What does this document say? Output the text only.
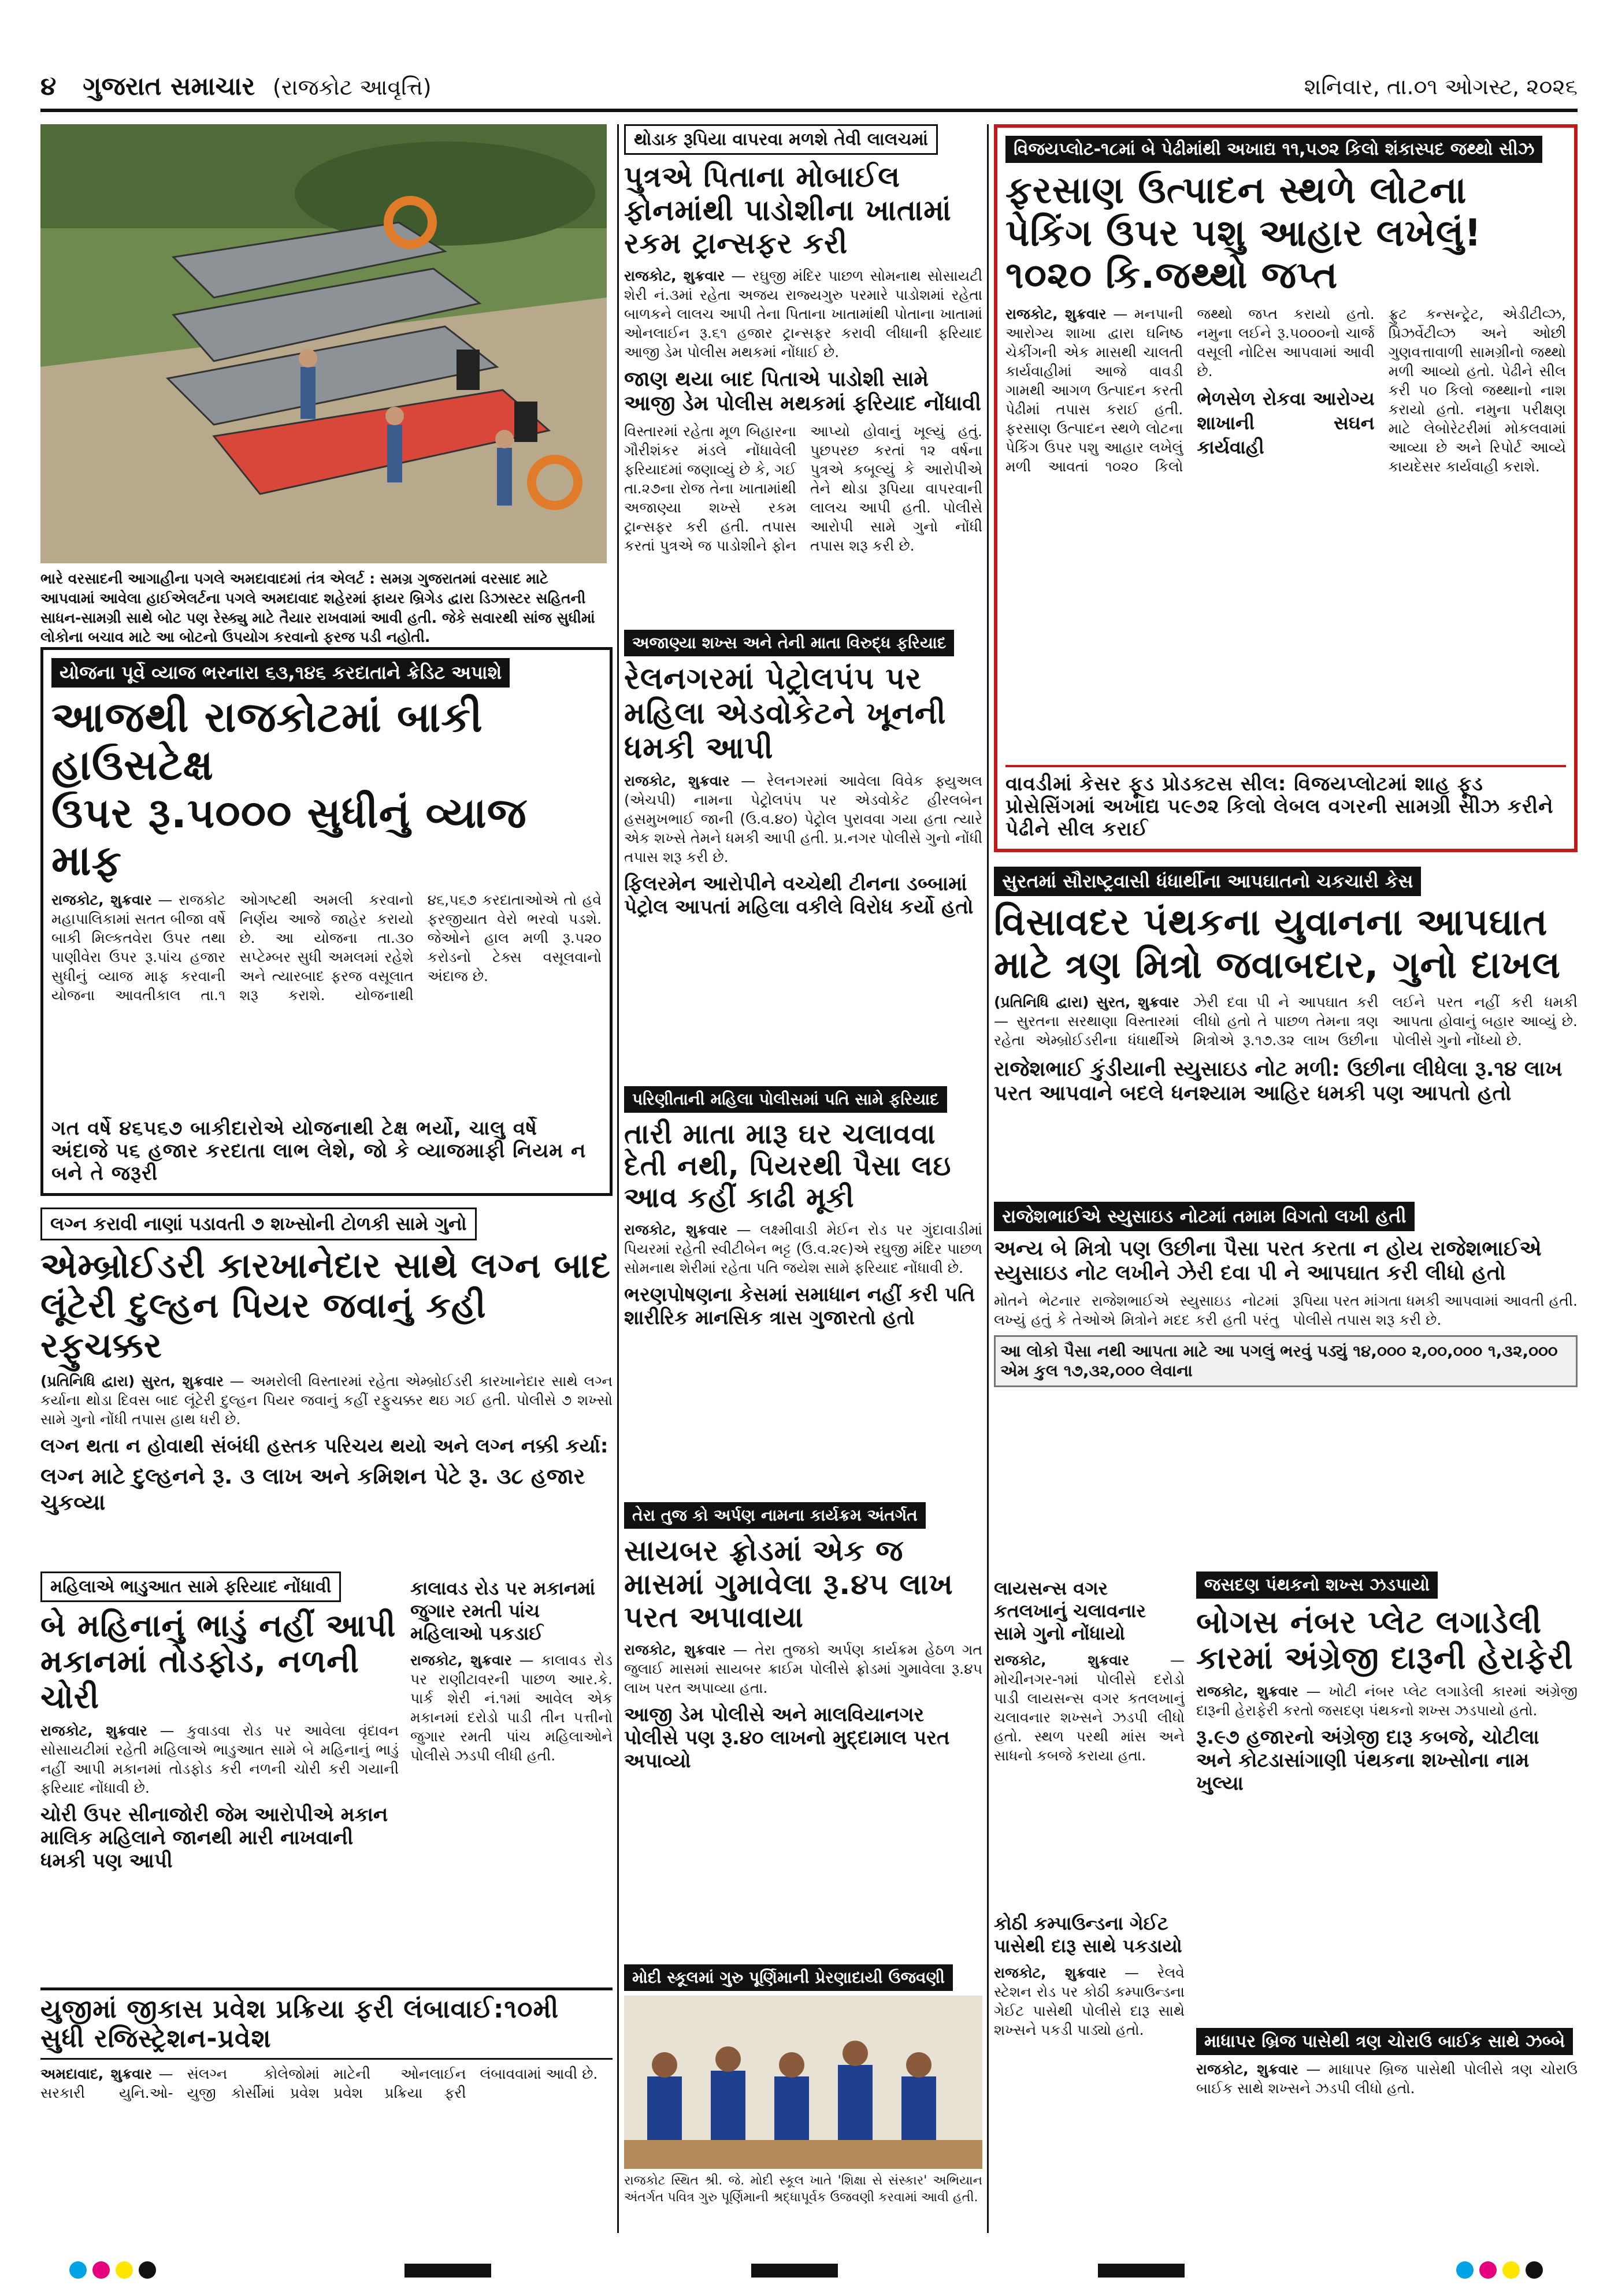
૪ ગુજરાત સમાચાર (રાજકોટ આવૃત્તિ)	શનિવાર, તા.૦૧ ઓગસ્ટ, ૨૦૨૬
ભારે વરસાદની આગાહીના પગલે અમદાવાદમાં તંત્ર એલર્ટ : સમગ્ર ગુજરાતમાં વરસાદ માટે આપવામાં આવેલા હાઈએલર્ટના પગલે અમદાવાદ શહેરમાં ફાયર બ્રિગેડ દ્વારા ડિઝાસ્ટર સહિતની સાધન-સામગ્રી સાથે બોટ પણ રેસ્ક્યુ માટે તૈયાર રાખવામાં આવી હતી. જેકે સવારથી સાંજ સુધીમાં લોકોના બચાવ માટે આ બોટનો ઉપયોગ કરવાનો ફરજ પડી નહોતી.
થોડાક રૂપિયા વાપરવા મળશે તેવી લાલચમાં
પુત્રએ પિતાના મોબાઈલ ફોનમાંથી પાડોશીના ખાતામાં રકમ ટ્રાન્સફર કરી

રાજકોટ, શુક્રવાર — રઘુજી મંદિર પાછળ સોમનાથ સોસાયટી શેરી નં.૩માં રહેતા અજય રાજ્યગુરુ પરમારે પાડોશમાં રહેતા બાળકને લાલચ આપી તેના પિતાના ખાતામાંથી પોતાના ખાતામાં ઓનલાઈન રૂ.૬૧ હજાર ટ્રાન્સફર કરાવી લીધાની ફરિયાદ આજી ડેમ પોલીસ મથકમાં નોંધાઈ છે.

જાણ થયા બાદ પિતાએ પાડોશી સામે આજી ડેમ પોલીસ મથકમાં ફરિયાદ નોંધાવી
વિસ્તારમાં રહેતા મૂળ બિહારના ગૌરીશંકર મંડલે નોંધાવેલી ફરિયાદમાં જણાવ્યું છે કે, ગઈ તા.૨૭ના રોજ તેના ખાતામાંથી અજાણ્યા શખ્સે રકમ ટ્રાન્સફર કરી હતી. તપાસ કરતાં પુત્રએ જ પાડોશીને ફોન આપ્યો હોવાનું ખૂલ્યું હતું. પુછપરછ કરતાં ૧૨ વર્ષના પુત્રએ કબૂલ્યું કે આરોપીએ તેને થોડા રૂપિયા વાપરવાની લાલચ આપી હતી. પોલીસે આરોપી સામે ગુનો નોંધી તપાસ શરૂ કરી છે.
વિજયપ્લોટ-૧૮માં બે પેઢીમાંથી અખાદ્ય ૧૧,૫૭૨ કિલો શંકાસ્પદ જથ્થો સીઝ
ફરસાણ ઉત્પાદન સ્થળે લોટના પેકિંગ ઉપર પશુ આહાર લખેલું! ૧૦૨૦ કિ.જથ્થો જપ્ત

રાજકોટ, શુક્રવાર — મનપાની આરોગ્ય શાખા દ્વારા ઘનિષ્ઠ ચેકીંગની એક માસથી ચાલતી કાર્યવાહીમાં આજે વાવડી ગામથી આગળ ઉત્પાદન કરતી પેઢીમાં તપાસ કરાઈ હતી. ફરસાણ ઉત્પાદન સ્થળે લોટના પેકિંગ ઉપર પશુ આહાર લખેલું મળી આવતાં ૧૦૨૦ કિલો જથ્થો જપ્ત કરાયો હતો. નમુના લઈને રૂ.૫૦૦૦નો ચાર્જ વસૂલી નોટિસ આપવામાં આવી છે.

ભેળસેળ રોકવા આરોગ્ય શાખાની સઘન કાર્યવાહી

ફ્રુટ કન્સન્ટ્રેટ, એડીટીવ્ઝ, પ્રિઝર્વેટીવ્ઝ અને ઓછી ગુણવત્તાવાળી સામગ્રીનો જથ્થો મળી આવ્યો હતો. પેઢીને સીલ કરી ૫૦ કિલો જથ્થાનો નાશ કરાયો હતો. નમુના પરીક્ષણ માટે લેબોરેટરીમાં મોકલવામાં આવ્યા છે અને રિપોર્ટ આવ્યે કાયદેસર કાર્યવાહી કરાશે.

વાવડીમાં કેસર ફૂડ પ્રોડક્ટસ સીલ: વિજયપ્લોટમાં શાહ ફૂડ પ્રોસેસિંગમાં અખાદ્ય ૫૯૭૨ કિલો લેબલ વગરની સામગ્રી સીઝ કરીને પેઢીને સીલ કરાઈ
યોજના પૂર્વે વ્યાજ ભરનારા ૬૩,૧૪૬ કરદાતાને ક્રેડિટ અપાશે
આજથી રાજકોટમાં બાકી હાઉસટેક્ષ
ઉપર રૂ.૫૦૦૦ સુધીનું વ્યાજ માફ

રાજકોટ, શુક્રવાર — રાજકોટ મહાપાલિકામાં સતત બીજા વર્ષે બાકી મિલ્કતવેરા ઉપર તથા પાણીવેરા ઉપર રૂ.૫ાંચ હજાર સુધીનું વ્યાજ માફ કરવાની યોજના આવતીકાલ તા.૧ ઓગષ્ટથી અમલી કરવાનો નિર્ણય આજે જાહેર કરાયો છે. આ યોજના તા.૩૦ સપ્ટેમ્બર સુધી અમલમાં રહેશે અને ત્યારબાદ ફરજ વસૂલાત શરૂ કરાશે. યોજનાથી ૪૬,૫૬૭ કરદાતાઓએ તો હવે ફરજીયાત વેરો ભરવો પડશે. જેઓને હાલ મળી રૂ.૫૨૦ કરોડનો ટેક્સ વસૂલવાનો અંદાજ છે.

ગત વર્ષે ૪૬૫૬૭ બાકીદારોએ યોજનાથી ટેક્ષ ભર્યો, ચાલુ વર્ષે અંદાજે ૫૬ હજાર કરદાતા લાભ લેશે, જો કે વ્યાજમાફી નિયમ ન બને તે જરૂરી
અજાણ્યા શખ્સ અને તેની માતા વિરુદ્ધ ફરિયાદ
રેલનગરમાં પેટ્રોલપંપ પર મહિલા એડવોકેટને ખૂનની ધમકી આપી

રાજકોટ, શુક્રવાર — રેલનગરમાં આવેલા વિવેક ફ્યુઅલ (એચપી) નામના પેટ્રોલપંપ પર એડવોકેટ હીરલબેન હસમુખભાઈ જાની (ઉ.વ.૪૦) પેટ્રોલ પુરાવવા ગયા હતા ત્યારે એક શખ્સે તેમને ધમકી આપી હતી. પ્ર.નગર પોલીસે ગુનો નોંધી તપાસ શરૂ કરી છે.

ફિલરમેન આરોપીને વચ્ચેથી ટીનના ડબ્બામાં પેટ્રોલ આપતાં મહિલા વકીલે વિરોધ કર્યો હતો
સુરતમાં સૌરાષ્ટ્રવાસી ધંધાર્થીના આપઘાતનો ચકચારી કેસ
વિસાવદર પંથકના યુવાનના આપઘાત માટે ત્રણ મિત્રો જવાબદાર, ગુનો દાખલ

(પ્રતિનિધિ દ્વારા) સુરત, શુક્રવાર — સુરતના સરથાણા વિસ્તારમાં રહેતા એમ્બ્રોઈડરીના ધંધાર્થીએ ઝેરી દવા પી ને આપઘાત કરી લીધો હતો તે પાછળ તેમના ત્રણ મિત્રોએ રૂ.૧૭.૩૨ લાખ ઉછીના લઈને પરત નહીં કરી ધમકી આપતા હોવાનું બહાર આવ્યું છે. પોલીસે ગુનો નોંધ્યો છે.

રાજેશભાઈ કુંડીયાની સ્યુસાઇડ નોટ મળી: ઉછીના લીધેલા રૂ.૧૪ લાખ પરત આપવાને બદલે ધનશ્યામ આહિર ધમકી પણ આપતો હતો
પરિણીતાની મહિલા પોલીસમાં પતિ સામે ફરિયાદ
તારી માતા મારૂ ઘર ચલાવવા દેતી નથી, પિયરથી પૈસા લઇ આવ કહીં કાઢી મૂકી

રાજકોટ, શુક્રવાર — લક્ષ્મીવાડી મેઈન રોડ પર ગુંદાવાડીમાં પિયરમાં રહેતી સ્વીટીબેન ભટ્ટ (ઉ.વ.૨૯)એ રઘુજી મંદિર પાછળ સોમનાથ શેરીમાં રહેતા પતિ જયેશ સામે ફરિયાદ નોંધાવી છે.

ભરણપોષણના કેસમાં સમાધાન નહીં કરી પતિ શારીરિક માનસિક ત્રાસ ગુજારતો હતો
લગ્ન કરાવી નાણાં પડાવતી ૭ શખ્સોની ટોળકી સામે ગુનો
એમ્બ્રોઈડરી કારખાનેદાર સાથે લગ્ન બાદ
લૂંટેરી દુલ્હન પિયર જવાનું કહી રફુચક્કર

(પ્રતિનિધિ દ્વારા) સુરત, શુક્રવાર — અમરોલી વિસ્તારમાં રહેતા એમ્બ્રોઈડરી કારખાનેદાર સાથે લગ્ન કર્યાના થોડા દિવસ બાદ લૂંટેરી દુલ્હન પિયર જવાનું કહીં રફુચક્કર થઇ ગઈ હતી. પોલીસે ૭ શખ્સો સામે ગુનો નોંધી તપાસ હાથ ધરી છે.

લગ્ન થતા ન હોવાથી સંબંધી હસ્તક પરિચય થયો અને લગ્ન નક્કી કર્યા:
લગ્ન માટે દુલ્હનને રૂ. ૩ લાખ અને કમિશન પેટે રૂ. ૩૮ હજાર ચુકવ્યા
રાજેશભાઈએ સ્યુસાઇડ નોટમાં તમામ વિગતો લખી હતી
અન્ય બે મિત્રો પણ ઉછીના પૈસા પરત કરતા ન હોય રાજેશભાઈએ સ્યુસાઇડ નોટ લખીને ઝેરી દવા પી ને આપઘાત કરી લીધો હતો
મોતને ભેટનાર રાજેશભાઈએ સ્યુસાઇડ નોટમાં લખ્યું હતું કે તેઓએ મિત્રોને મદદ કરી હતી પરંતુ રૂપિયા પરત માંગતા ધમકી આપવામાં આવતી હતી. પોલીસે તપાસ શરૂ કરી છે.
આ લોકો પૈસા નથી આપતા માટે આ પગલું ભરવું પડ્યું ૧૪,૦૦૦ ૨,૦૦,૦૦૦ ૧,૩૨,૦૦૦ એમ કુલ ૧૭,૩૨,૦૦૦ લેવાના
મહિલાએ ભાડુઆત સામે ફરિયાદ નોંધાવી
બે મહિનાનું ભાડું નહીં આપી મકાનમાં તોડફોડ, નળની ચોરી

રાજકોટ, શુક્રવાર — કુવાડવા રોડ પર આવેલા વૃંદાવન સોસાયટીમાં રહેતી મહિલાએ ભાડુઆત સામે બે મહિનાનું ભાડું નહીં આપી મકાનમાં તોડફોડ કરી નળની ચોરી કરી ગયાની ફરિયાદ નોંધાવી છે.

ચોરી ઉપર સીનાજોરી જેમ આરોપીએ મકાન માલિક મહિલાને જાનથી મારી નાખવાની ધમકી પણ આપી
કાલાવડ રોડ પર મકાનમાં જુગાર રમતી પાંચ મહિલાઓ પકડાઈ

રાજકોટ, શુક્રવાર — કાલાવડ રોડ પર રાણીટાવરની પાછળ આર.કે. પાર્ક શેરી નં.૧માં આવેલ એક મકાનમાં દરોડો પાડી તીન પત્તીનો જુગાર રમતી પાંચ મહિલાઓને પોલીસે ઝડપી લીધી હતી.

તેરા તુજ કો અર્પણ નામના કાર્યક્રમ અંતર્ગત
સાયબર ફ્રોડમાં એક જ માસમાં ગુમાવેલા રૂ.૪૫ લાખ પરત અપાવાયા

રાજકોટ, શુક્રવાર — તેરા તુજકો અર્પણ કાર્યક્રમ હેઠળ ગત જુલાઈ માસમાં સાયબર ક્રાઈમ પોલીસે ફ્રોડમાં ગુમાવેલા રૂ.૪૫ લાખ પરત અપાવ્યા હતા.

આજી ડેમ પોલીસે અને માલવિયાનગર પોલીસે પણ રૂ.૪૦ લાખનો મુદ્દામાલ પરત અપાવ્યો
લાયસન્સ વગર કતલખાનું ચલાવનાર સામે ગુનો નોંધાયો

રાજકોટ, શુક્રવાર — મોચીનગર-૧માં પોલીસે દરોડો પાડી લાયસન્સ વગર કતલખાનું ચલાવનાર શખ્સને ઝડપી લીધો હતો. સ્થળ પરથી માંસ અને સાધનો કબજે કરાયા હતા.

જસદણ પંથકનો શખ્સ ઝડપાયો
બોગસ નંબર પ્લેટ લગાડેલી કારમાં અંગ્રેજી દારૂની હેરાફેરી

રાજકોટ, શુક્રવાર — ખોટી નંબર પ્લેટ લગાડેલી કારમાં અંગ્રેજી દારૂની હેરાફેરી કરતો જસદણ પંથકનો શખ્સ ઝડપાયો હતો.

રૂ.૯૭ હજારનો અંગ્રેજી દારૂ કબજે, ચોટીલા અને કોટડાસાંગાણી પંથકના શખ્સોના નામ ખુલ્યા
મોદી સ્કૂલમાં ગુરુ પૂર્ણિમાની પ્રેરણાદાયી ઉજવણી
રાજકોટ સ્થિત શ્રી. જે. મોદી સ્કૂલ ખાતે 'શિક્ષા સે સંસ્કાર' અભિયાન અંતર્ગત પવિત્ર ગુરુ પૂર્ણિમાની શ્રદ્ધાપૂર્વક ઉજવણી કરવામાં આવી હતી.
કોઠી કમ્પાઉન્ડના ગેઈટ પાસેથી દારૂ સાથે પકડાયો

રાજકોટ, શુક્રવાર — રેલવે સ્ટેશન રોડ પર કોઠી કમ્પાઉન્ડના ગેઈટ પાસેથી પોલીસે દારૂ સાથે શખ્સને પકડી પાડ્યો હતો.

માધાપર બ્રિજ પાસેથી ત્રણ ચોરાઉ બાઈક સાથે ઝબ્બે

રાજકોટ, શુક્રવાર — માધાપર બ્રિજ પાસેથી પોલીસે ત્રણ ચોરાઉ બાઈક સાથે શખ્સને ઝડપી લીધો હતો.

યુજીમાં જીકાસ પ્રવેશ પ્રક્રિયા ફરી લંબાવાઈ:૧૦મી સુધી રજિસ્ટ્રેશન-પ્રવેશ

અમદાવાદ, શુક્રવાર — સરકારી યુનિ.ઓ-સંલગ્ન કોલેજોમાં યુજી કોર્સીમાં પ્રવેશ માટેની ઓનલાઈન પ્રવેશ પ્રક્રિયા ફરી લંબાવવામાં આવી છે.
